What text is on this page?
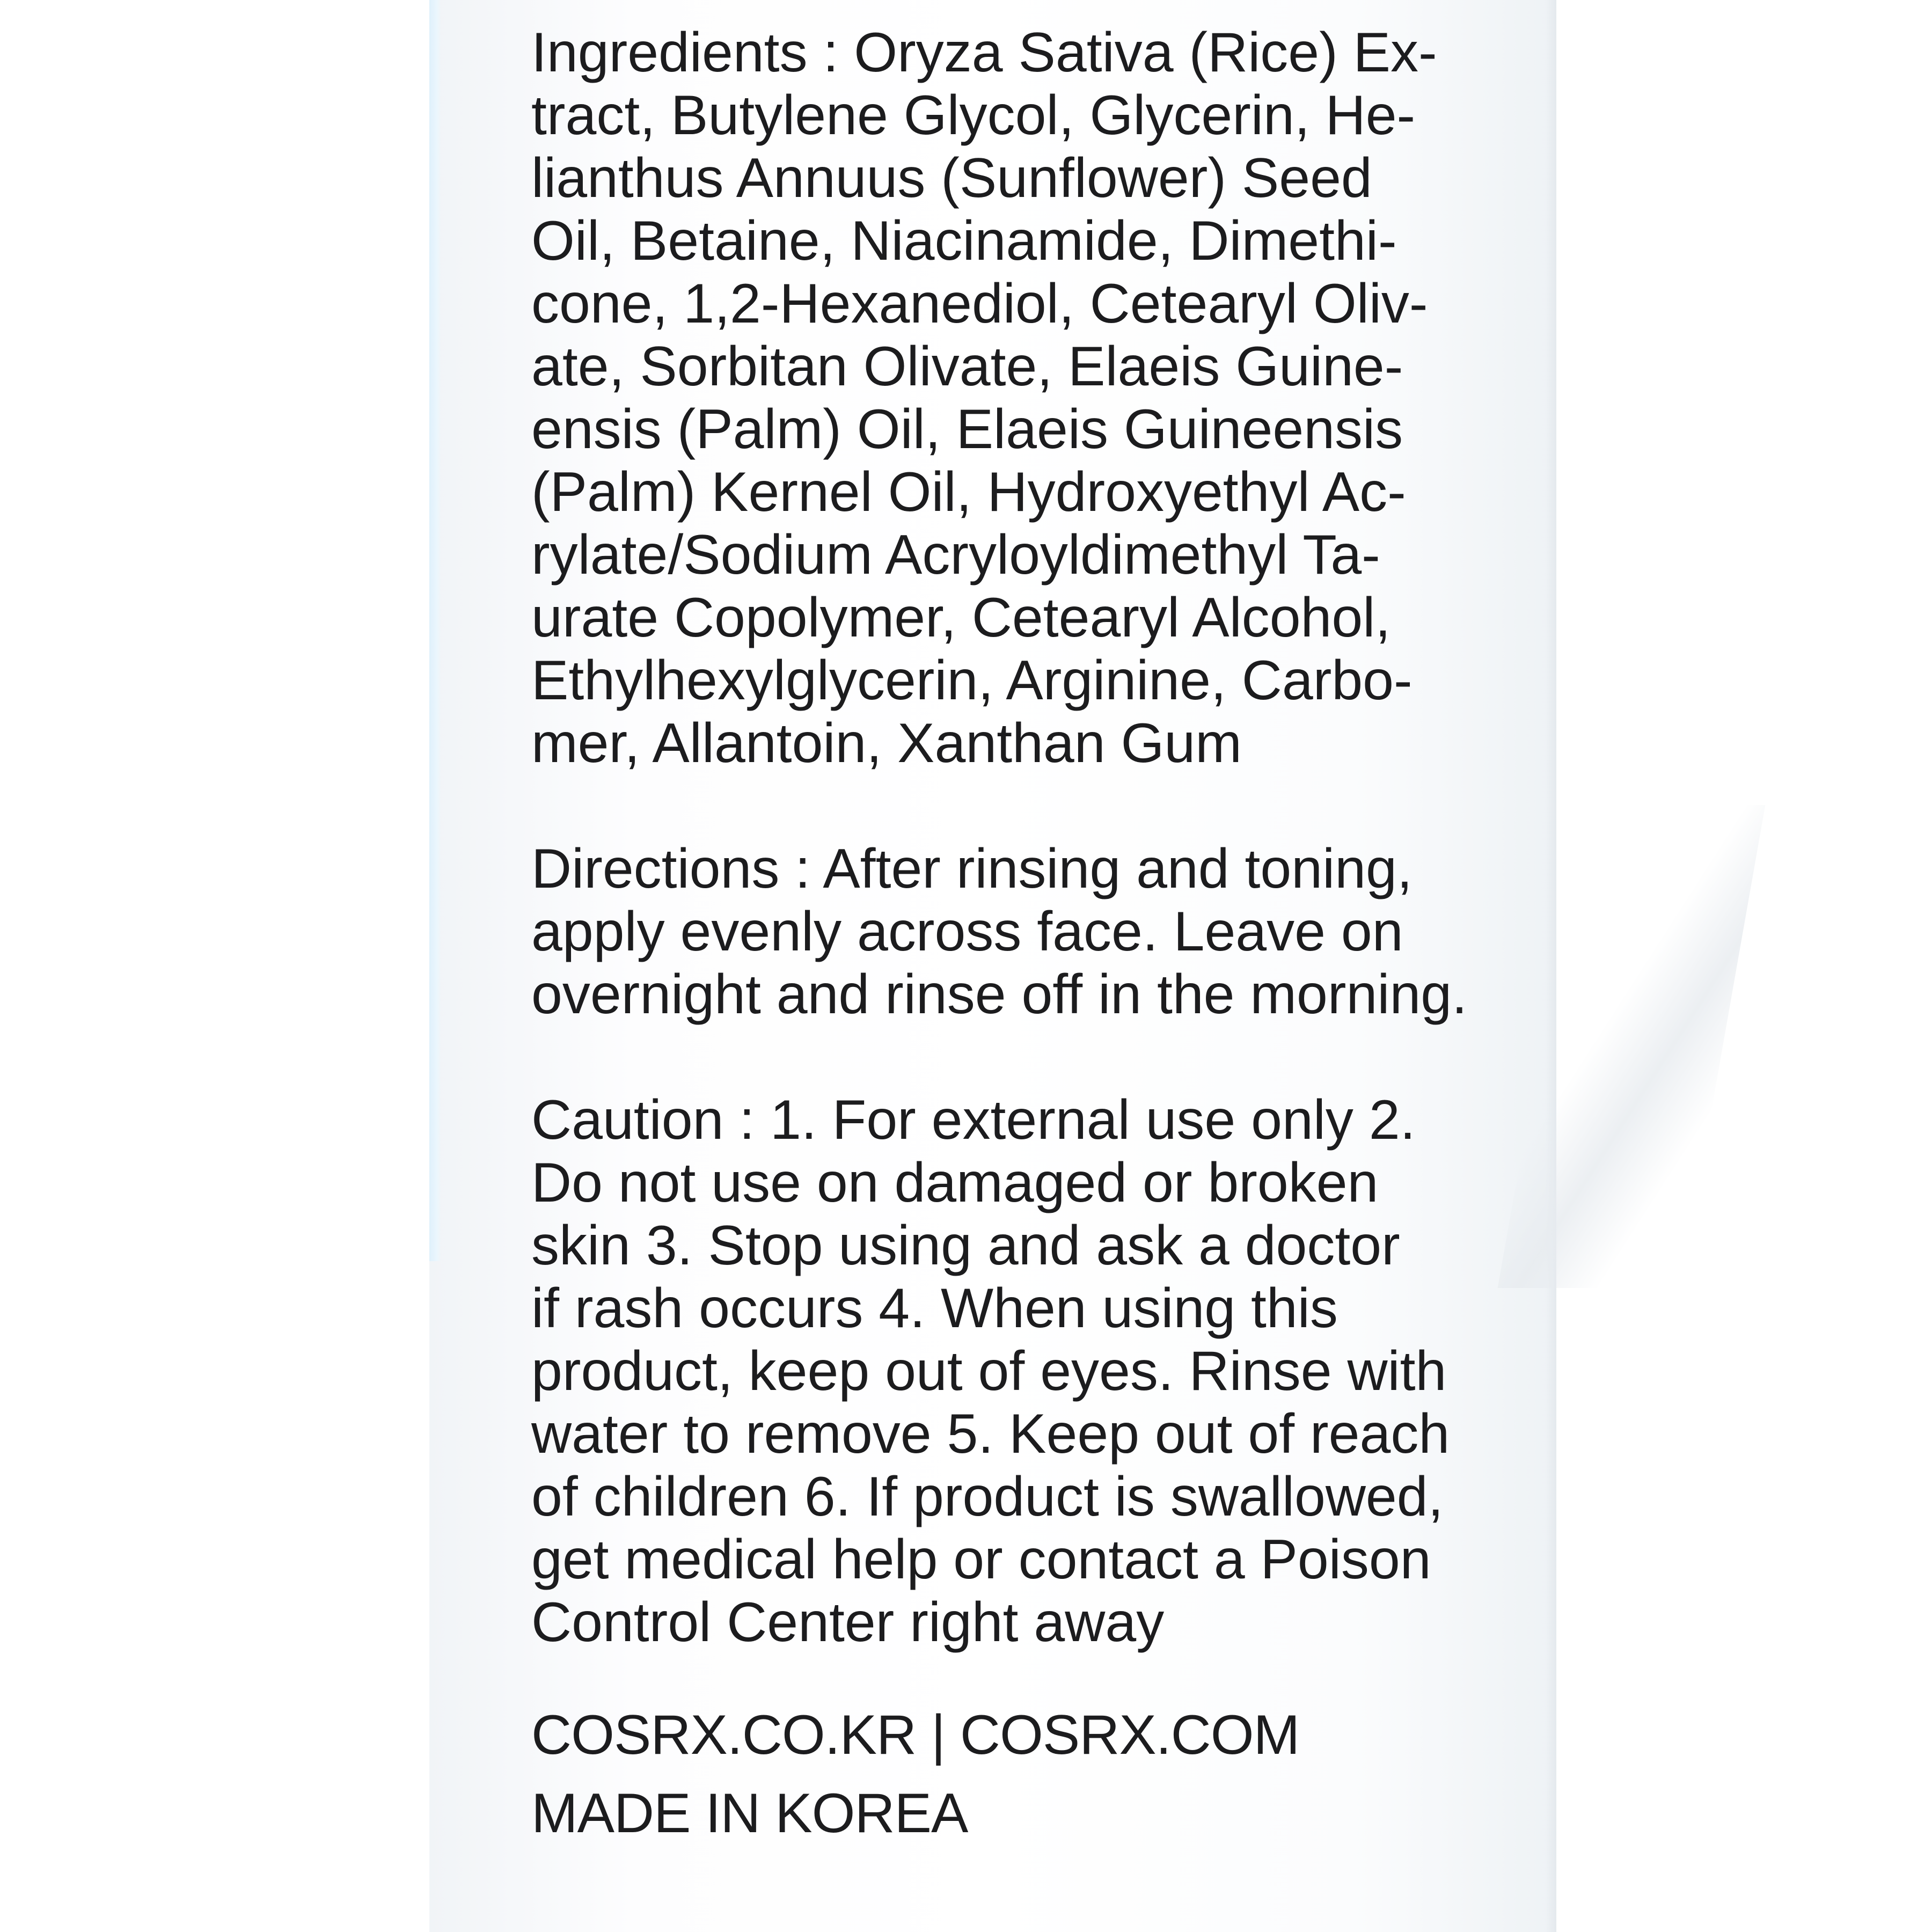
Ingredients : Oryza Sativa (Rice) Ex-
tract, Butylene Glycol, Glycerin, He-
lianthus Annuus (Sunflower) Seed
Oil, Betaine, Niacinamide, Dimethi-
cone, 1,2-Hexanediol, Cetearyl Oliv-
ate, Sorbitan Olivate, Elaeis Guine-
ensis (Palm) Oil, Elaeis Guineensis
(Palm) Kernel Oil, Hydroxyethyl Ac-
rylate/Sodium Acryloyldimethyl Ta-
urate Copolymer, Cetearyl Alcohol,
Ethylhexylglycerin, Arginine, Carbo-
mer, Allantoin, Xanthan Gum

Directions : After rinsing and toning,
apply evenly across face. Leave on
overnight and rinse off in the morning.

Caution : 1. For external use only 2.
Do not use on damaged or broken
skin 3. Stop using and ask a doctor
if rash occurs 4. When using this
product, keep out of eyes. Rinse with
water to remove 5. Keep out of reach
of children 6. If product is swallowed,
get medical help or contact a Poison
Control Center right away

COSRX.CO.KR | COSRX.COM
MADE IN KOREA
